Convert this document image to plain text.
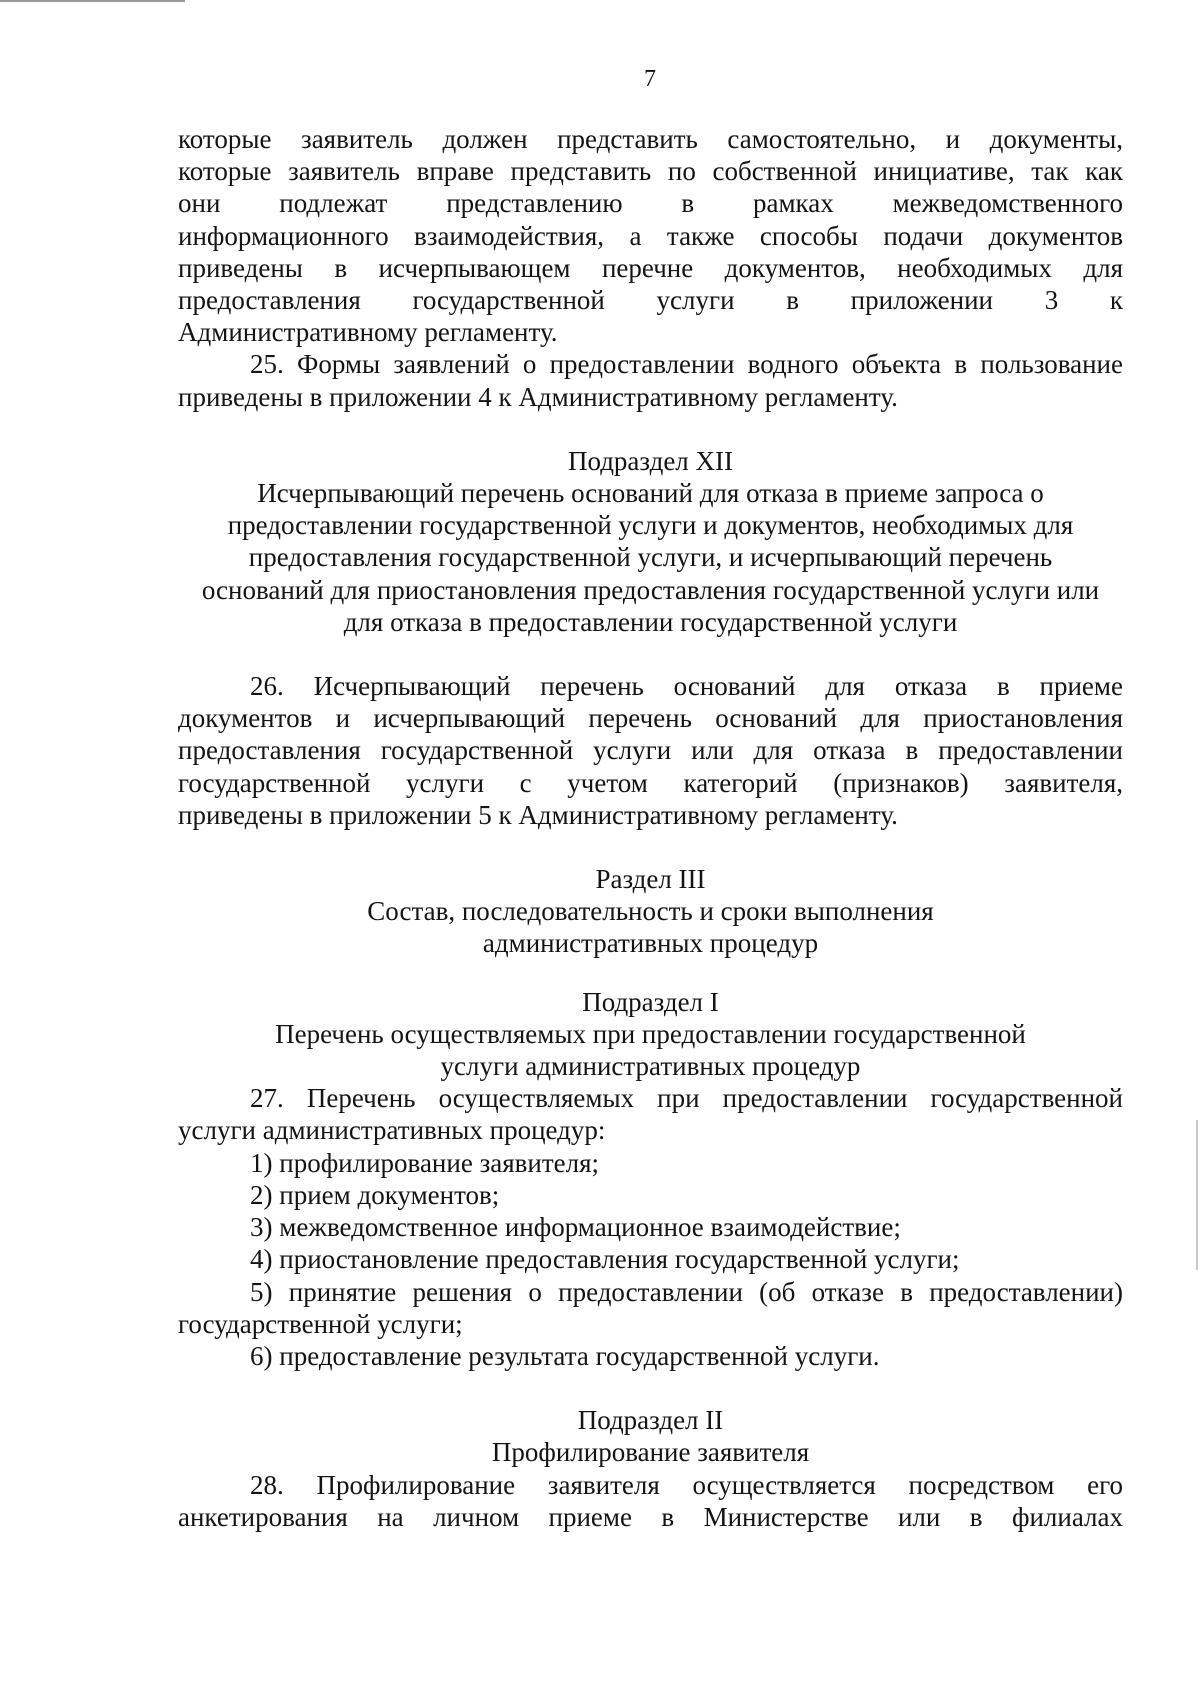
7

которые заявитель должен представить самостоятельно, и документы,

которые заявитель вправе представить по собственной инициативе, так как

они подлежат представлению в рамках межведомственного

информационного взаимодействия, а также способы подачи документов

приведены в исчерпывающем перечне документов, необходимых для

предоставления государственной услуги в приложении 3 к

Административному регламенту.

25. Формы заявлений о предоставлении водного объекта в пользование

приведены в приложении 4 к Административному регламенту.

Подраздел XII

Исчерпывающий перечень оснований для отказа в приеме запроса о

предоставлении государственной услуги и документов, необходимых для

предоставления государственной услуги, и исчерпывающий перечень

оснований для приостановления предоставления государственной услуги или

для отказа в предоставлении государственной услуги

26. Исчерпывающий перечень оснований для отказа в приеме

документов и исчерпывающий перечень оснований для приостановления

предоставления государственной услуги или для отказа в предоставлении

государственной услуги с учетом категорий (признаков) заявителя,

приведены в приложении 5 к Административному регламенту.

Раздел III

Состав, последовательность и сроки выполнения

административных процедур

Подраздел I

Перечень осуществляемых при предоставлении государственной

услуги административных процедур

27. Перечень осуществляемых при предоставлении государственной

услуги административных процедур:

1) профилирование заявителя;

2) прием документов;

3) межведомственное информационное взаимодействие;

4) приостановление предоставления государственной услуги;

5) принятие решения о предоставлении (об отказе в предоставлении)

государственной услуги;

6) предоставление результата государственной услуги.

Подраздел II

Профилирование заявителя

28. Профилирование заявителя осуществляется посредством его

анкетирования на личном приеме в Министерстве или в филиалах
